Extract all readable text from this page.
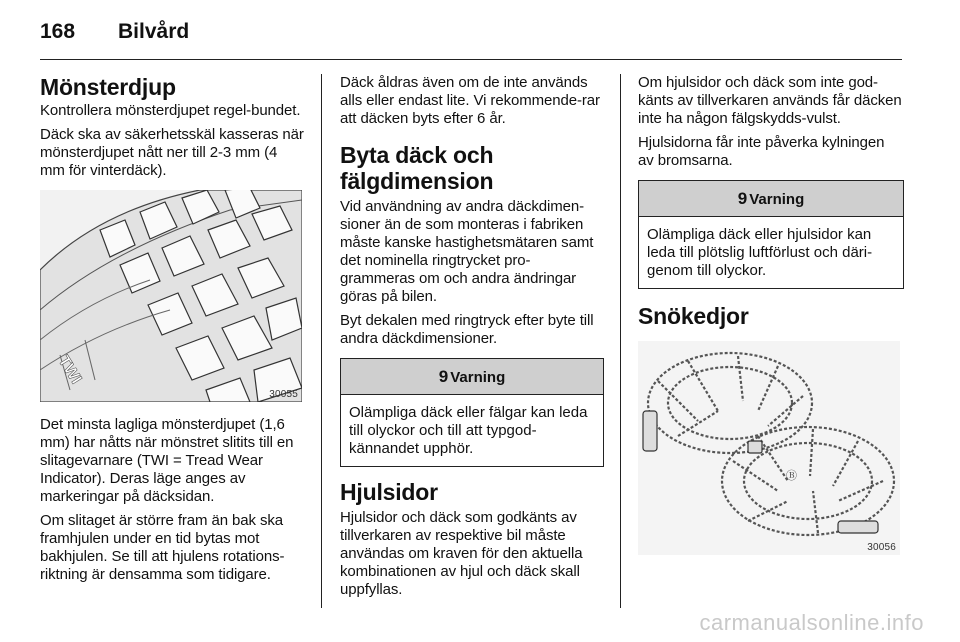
168 Bilvård
Mönsterdjup

Kontrollera mönsterdjupet regel-bundet.

Däck ska av säkerhetsskäl kasseras när mönsterdjupet nått ner till 2-3 mm (4 mm för vinterdäck).

TWI
30055

Det minsta lagliga mönsterdjupet (1,6 mm) har nåtts när mönstret slitits till en slitagevarnare (TWI = Tread Wear Indicator). Deras läge anges av markeringar på däcksidan.

Om slitaget är större fram än bak ska framhjulen under en tid bytas mot bakhjulen. Se till att hjulens rotations-riktning är densamma som tidigare.

Däck åldras även om de inte används alls eller endast lite. Vi rekommende-rar att däcken byts efter 6 år.

Byta däck och fälgdimension

Vid användning av andra däckdimen-sioner än de som monteras i fabriken måste kanske hastighetsmätaren samt det nominella ringtrycket pro-grammeras om och andra ändringar göras på bilen.

Byt dekalen med ringtryck efter byte till andra däckdimensioner.

9 Varning
Olämpliga däck eller fälgar kan leda till olyckor och till att typgod-kännandet upphör.
Hjulsidor

Hjulsidor och däck som godkänts av tillverkaren av respektive bil måste användas om kraven för den aktuella kombinationen av hjul och däck skall uppfyllas.

Om hjulsidor och däck som inte god-känts av tillverkaren används får däcken inte ha någon fälgskydds-vulst.

Hjulsidorna får inte påverka kylningen av bromsarna.

9 Varning
Olämpliga däck eller hjulsidor kan leda till plötslig luftförlust och däri-genom till olyckor.
Snökedjor
Ⓑ
30056
carmanualsonline.info
